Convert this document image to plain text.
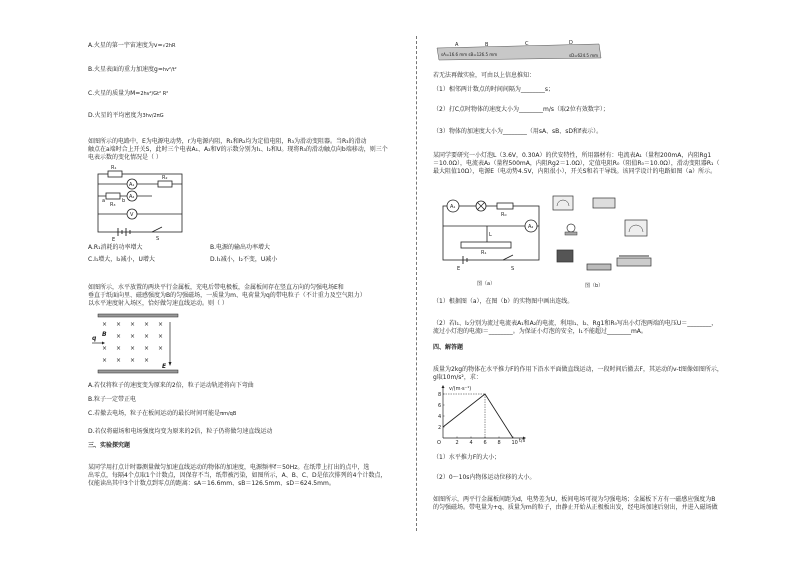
A.火星的第一宇宙速度为v=√2hR
B.火星表面的重力加速度g=hv²/t²
C.火星的质量为M=2hv²/Gt² R²
D.火星的平均密度为3hv/2πG
如图所示的电路中，E为电源电动势，r为电源内阻，R₁和R₂均为定值电阻，R₃为滑动变阻器。当R₃的滑动
触点在a端时合上开关S，此时三个电表A₁、A₂和V的示数分别为I₁、I₂和U。现将R₃的滑动触点向b端移动，则三个电表示数的变化情况是（ ）
R₁
A₁
R₂
A₂
R₃
a	b
V
E	S
A.R₁消耗的功率增大	B.电源的输出功率增大
C.I₁增大，I₂减小，U增大	D.I₁减小，I₂不变，U减小
如图所示，水平放置的两块平行金属板，充电后带电极板，金属板间存在竖直方向的匀强电场E和
垂直于纸面向里、磁感强度为B的匀强磁场，一质量为m、电荷量为q的带电粒子（不计重力及空气阻力）
以水平速度射入场区，恰好做匀速直线运动。则（ ）
× × × × ×
× × × ×
× × × × ×
× × × ×
B
q
E
A.若仅将粒子的速度变为原来的2倍，粒子运动轨迹将向下弯曲
B.粒子一定带正电
C.若撤去电场，粒子在板间运动的最长时间可能是πm/qB
D.若仅将磁场和电场强度均变为原来的2倍，粒子仍将做匀速直线运动
三、实验探究题
某同学用打点计时器测量做匀加速直线运动的物体的加速度，电源频率f＝50Hz。在纸带上打出的点中，选
出零点，每隔4个点取1个计数点，因保存不当，纸带被污染，如图所示，A、B、C、D是依次排列的4个计数点，
仅能读出其中3个计数点到零点的距离：sA＝16.6mm、sB＝126.5mm、sD＝624.5mm。
A	B	C	D
sA=16.6 mm sB=126.5 mm	sD=624.5 mm
若无法再做实验，可由以上信息推知：
（1）相邻两计数点的时间间隔为________s；
（2）打C点时物体的速度大小为________m/s（取2位有效数字）；
（3）物体的加速度大小为________（用sA、sB、sD和f表示）。
某同学要研究一小灯泡L（3.6V，0.30A）的伏安特性，所用器材有：电流表A₁（量程200mA，内阻Rg1
＝10.0Ω），电流表A₂（量程500mA，内阻Rg2＝1.0Ω），定值电阻R₀（阻值R₀＝10.0Ω），滑动变阻器R₁（
最大阻值10Ω），电源E（电动势4.5V，内阻很小），开关S和若干导线。该同学设计的电路如图（a）所示。
A₁
R₀
A₂
L
R₁
E	S
图（a）	图（b）
（1）根据图（a），在图（b）的实物图中画出连线。
（2）若I₁、I₂分别为流过电流表A₁和A₂的电流，利用I₁、I₂、Rg1和R₀写出小灯泡两端的电压U＝________，
流过小灯泡的电流I＝________。为保证小灯泡的安全，I₁不能超过________mA。
四、解答题
质量为2kg的物体在水平推力F的作用下沿水平面做直线运动，一段时间后撤去F，其运动的v-t图像如图所示，
g取10m/s²，求：
2 4 6 8 10
2
4
6
8
v/(m·s⁻¹)
t/s
O
（1）水平推力F的大小；
（2）0～10s内物体运动位移的大小。
如图所示，两平行金属板间距为d，电势差为U，板间电场可视为匀强电场；金属板下方有一磁感应强度为B
的匀强磁场。带电量为+q、质量为m的粒子，由静止开始从正极板出发，经电场加速后射出，并进入磁场做
